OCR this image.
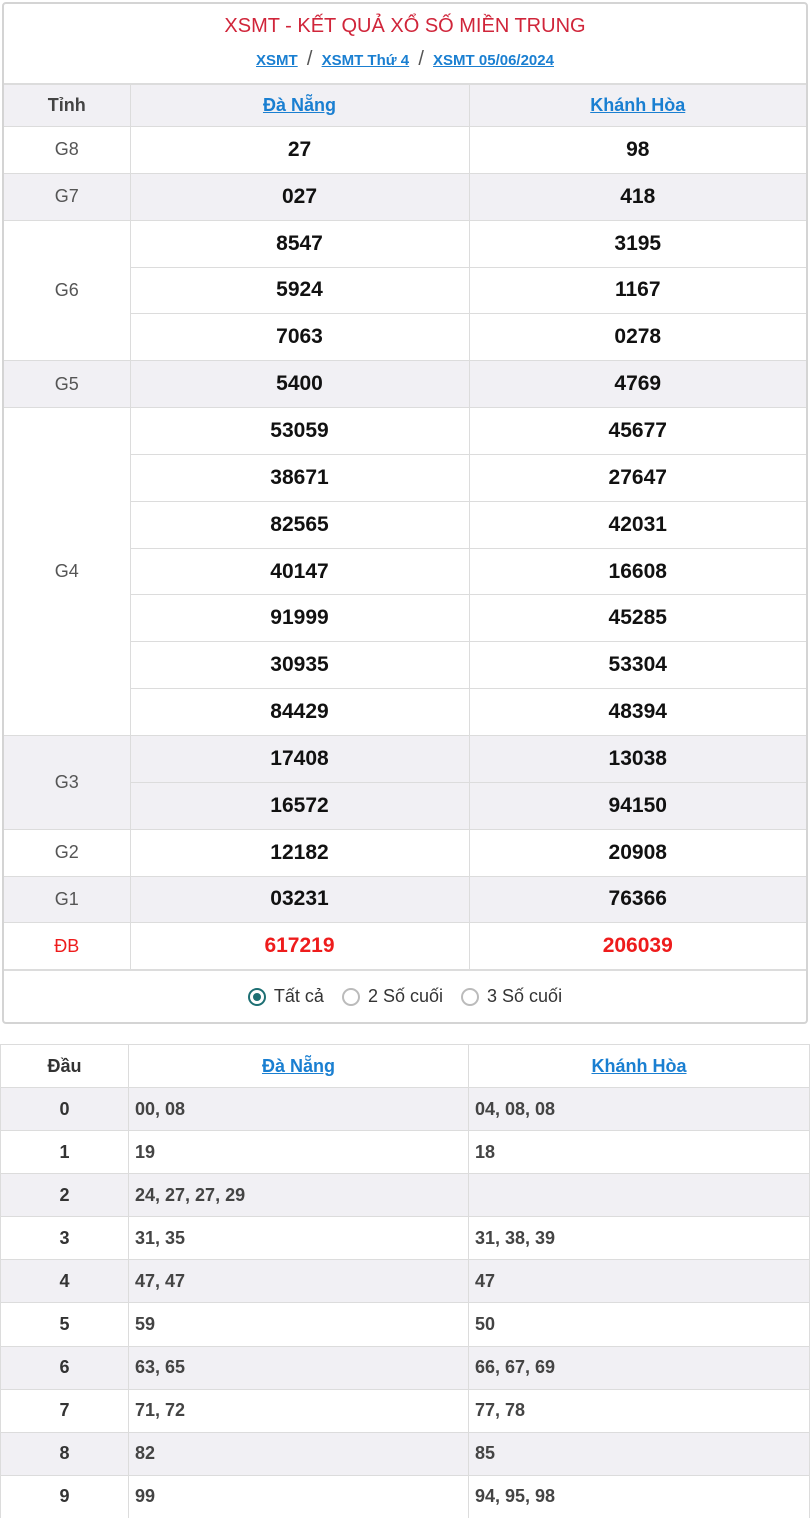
XSMT - KẾT QUẢ XỔ SỐ MIỀN TRUNG
XSMT / XSMT Thứ 4 / XSMT 05/06/2024
Tỉnh	Đà Nẵng	Khánh Hòa
G8	27	98
G7	027	418
G6	8547	3195
	5924	1167
	7063	0278
G5	5400	4769
G4	53059	45677
	38671	27647
	82565	42031
	40147	16608
	91999	45285
	30935	53304
	84429	48394
G3	17408	13038
	16572	94150
G2	12182	20908
G1	03231	76366
ĐB	617219	206039
Tất cả 2 Số cuối 3 Số cuối
Đầu	Đà Nẵng	Khánh Hòa
0	00, 08	04, 08, 08
1	19	18
2	24, 27, 27, 29	
3	31, 35	31, 38, 39
4	47, 47	47
5	59	50
6	63, 65	66, 67, 69
7	71, 72	77, 78
8	82	85
9	99	94, 95, 98
